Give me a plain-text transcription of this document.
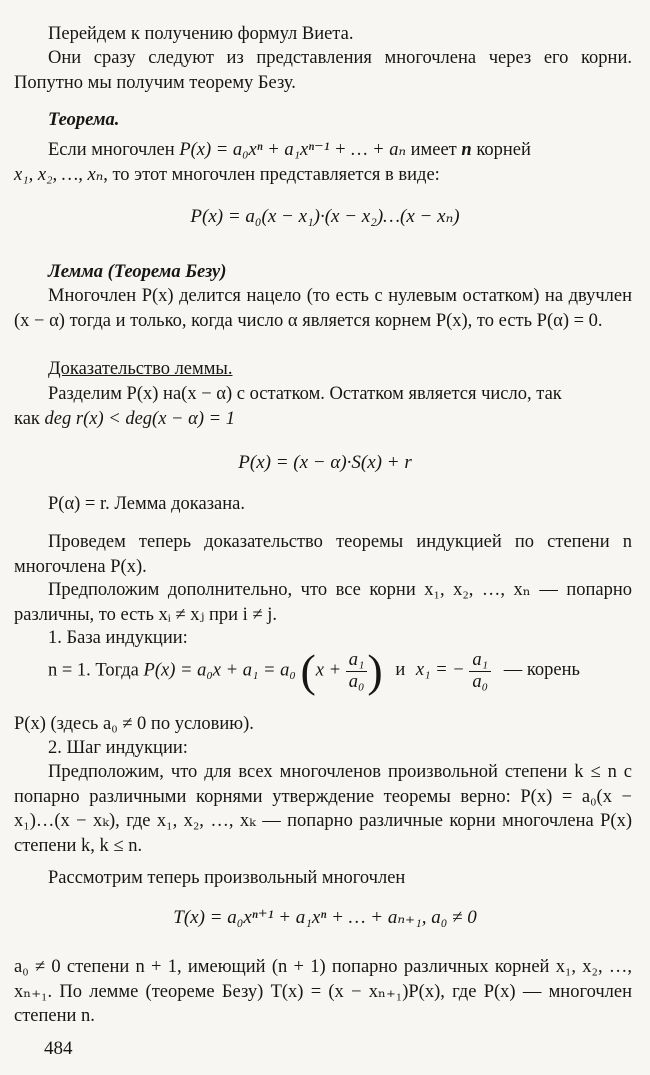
Перейдем к получению формул Виета.

Они сразу следуют из представления многочлена через его корни. Попутно мы получим теорему Безу.

Теорема.

Если многочлен P(x) = a₀xⁿ + a₁xⁿ⁻¹ + … + aₙ имеет n корней
x₁, x₂, …, xₙ, то этот многочлен представляется в виде:

P(x) = a₀(x − x₁)·(x − x₂)…(x − xₙ)

Лемма (Теорема Безу)

Многочлен P(x) делится нацело (то есть с нулевым остатком) на двучлен (x − α) тогда и только, когда число α является корнем P(x), то есть P(α) = 0.

Доказательство леммы.

Разделим P(x) на(x − α) с остатком. Остатком является число, так
как deg r(x) < deg(x − α) = 1

P(x) = (x − α)·S(x) + r

P(α) = r. Лемма доказана.

Проведем теперь доказательство теоремы индукцией по степени n многочлена P(x).

Предположим дополнительно, что все корни x₁, x₂, …, xₙ — попарно различны, то есть xᵢ ≠ xⱼ при i ≠ j.

1. База индукции:

n = 1. Тогда P(x) = a₀x + a₁ = a₀ ($x + \frac{\text{a₁}}{\text{a₀}}$ ) и x₁ = − $\frac{\text{a₁}}{\text{a₀}}$ — корень

P(x) (здесь a₀ ≠ 0 по условию).

2. Шаг индукции:

Предположим, что для всех многочленов произвольной степени k ≤ n с попарно различными корнями утверждение теоремы верно: P(x) = a₀(x − x₁)…(x − xₖ), где x₁, x₂, …, xₖ — попарно различные корни многочлена P(x) степени k, k ≤ n.

Рассмотрим теперь произвольный многочлен

T(x) = a₀xⁿ⁺¹ + a₁xⁿ + … + aₙ₊₁, a₀ ≠ 0

a₀ ≠ 0 степени n + 1, имеющий (n + 1) попарно различных корней x₁, x₂, …, xₙ₊₁. По лемме (теореме Безу) T(x) = (x − xₙ₊₁)P(x), где P(x) — многочлен степени n.

484
